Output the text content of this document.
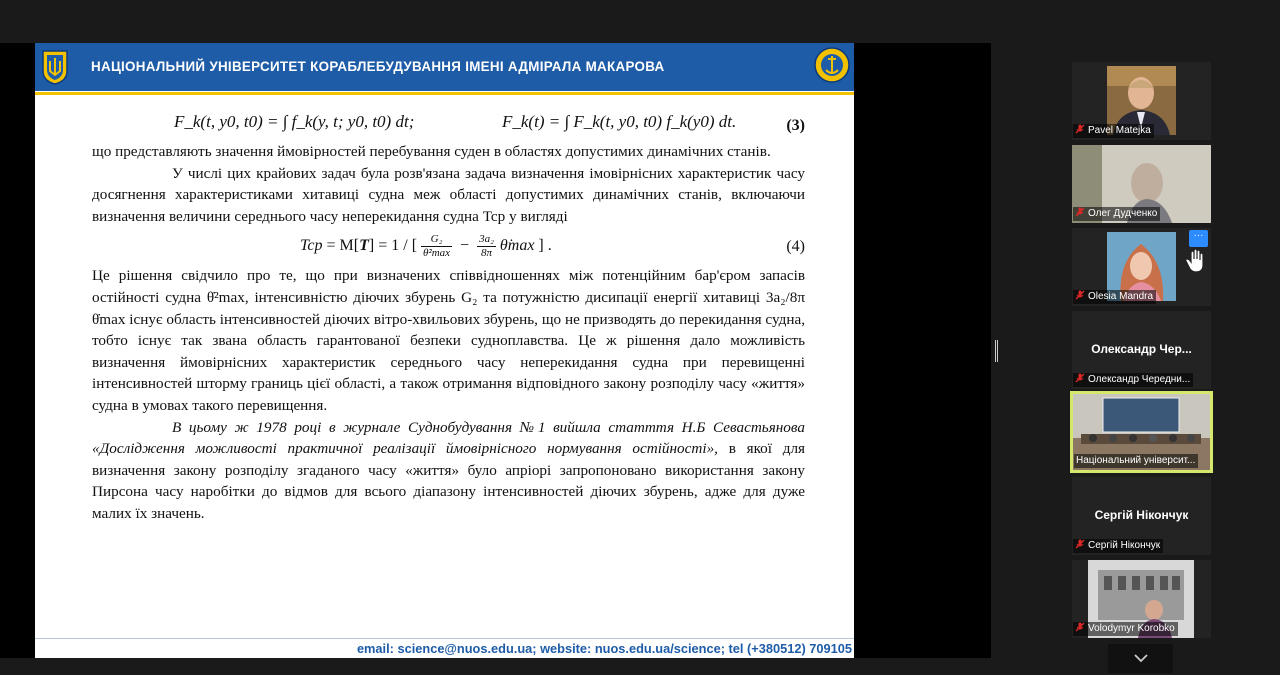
НАЦІОНАЛЬНИЙ УНІВЕРСИТЕТ КОРАБЛЕБУДУВАННЯ ІМЕНІ АДМІРАЛА МАКАРОВА
F_k(t, y0, t0) = ∫ f_k(y, t; y0, t0) dt;	F_k(t) = ∫ F_k(t, y0, t0) f_k(y0) dt.	(3)
що представляють значення ймовірностей перебування суден в областях допустимих динамічних станів.
У числі цих крайових задач була розв'язана задача визначення імовірнісних характеристик часу досягнення характеристиками хитавиці судна меж області допустимих динамічних станів, включаючи визначення величини середнього часу неперекидання судна Tcp у вигляді
Tcp = M[T] = 1 / [ $\frac{\text{G₂}}{\text{θ̇²max}} - \frac{\text{3a₂}}{8\pi}$ θ̇max ] .	(4)
Це рішення свідчило про те, що при визначених співвідношеннях між потенційним бар'єром запасів остійності судна θ̇²max, інтенсивністю діючих збурень G₂ та потужністю дисипації енергії хитавиці 3a₂/8π θ̇max існує область інтенсивностей діючих вітро-хвильових збурень, що не призводять до перекидання судна, тобто існує так звана область гарантованої безпеки судноплавства. Це ж рішення дало можливість визначення ймовірнісних характеристик середнього часу неперекидання судна при перевищенні інтенсивностей шторму границь цієї області, а також отримання відповідного закону розподілу часу «життя» судна в умовах такого перевищення.
В цьому ж 1978 році в журнале Суднобудування №1 вийшла статття Н.Б Севастьянова «Дослідження можливості практичної реалізації ймовірнісного нормування остійності», в якої для визначення закону розподілу згаданого часу «життя» було апріорі запропоновано використання закону Пирсона часу наробітки до відмов для всього діапазону інтенсивностей діючих збурень, адже для дуже малих їх значень.
email: science@nuos.edu.ua; website: nuos.edu.ua/science; tel (+380512) 709105
Pavel Matejka
Олег Дудченко
···
Olesia Mandra
Олександр Чер...
Олександр Чередни...
Національний університ...
Сергій Нікончук
Сергій Нікончук
Volodymyr Korobko
